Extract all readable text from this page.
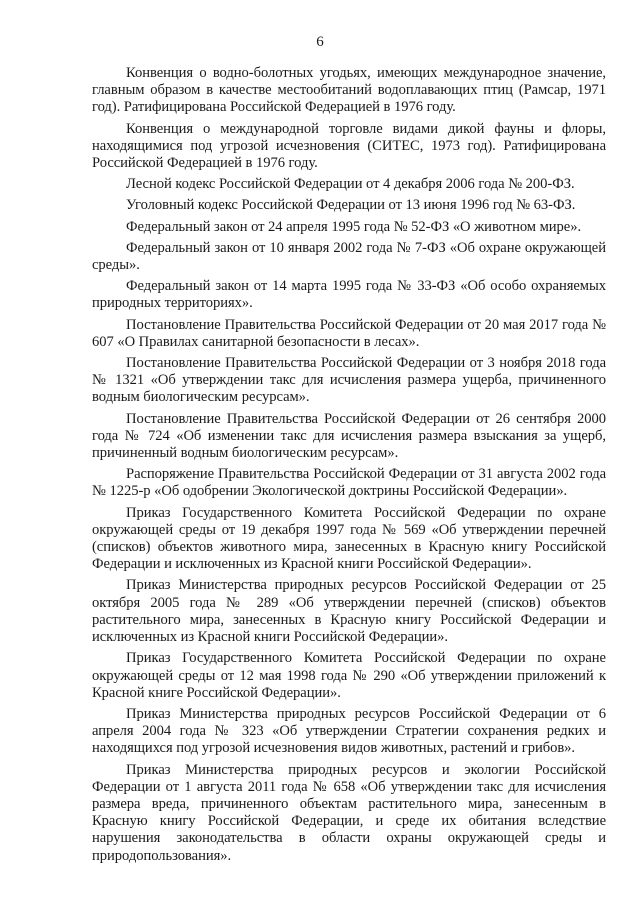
6

Конвенция о водно-болотных угодьях, имеющих международное значение, главным образом в качестве местообитаний водоплавающих птиц (Рамсар, 1971 год). Ратифицирована Российской Федерацией в 1976 году.

Конвенция о международной торговле видами дикой фауны и флоры, находящимися под угрозой исчезновения (СИТЕС, 1973 год). Ратифицирована Российской Федерацией в 1976 году.

Лесной кодекс Российской Федерации от 4 декабря 2006 года № 200-ФЗ.

Уголовный кодекс Российской Федерации от 13 июня 1996 год № 63-ФЗ.

Федеральный закон от 24 апреля 1995 года № 52-ФЗ «О животном мире».

Федеральный закон от 10 января 2002 года № 7-ФЗ «Об охране окружающей среды».

Федеральный закон от 14 марта 1995 года № 33-ФЗ «Об особо охраняемых природных территориях».

Постановление Правительства Российской Федерации от 20 мая 2017 года № 607 «О Правилах санитарной безопасности в лесах».

Постановление Правительства Российской Федерации от 3 ноября 2018 года № 1321 «Об утверждении такс для исчисления размера ущерба, причиненного водным биологическим ресурсам».

Постановление Правительства Российской Федерации от 26 сентября 2000 года № 724 «Об изменении такс для исчисления размера взыскания за ущерб, причиненный водным биологическим ресурсам».

Распоряжение Правительства Российской Федерации от 31 августа 2002 года № 1225-р «Об одобрении Экологической доктрины Российской Федерации».

Приказ Государственного Комитета Российской Федерации по охране окружающей среды от 19 декабря 1997 года № 569 «Об утверждении перечней (списков) объектов животного мира, занесенных в Красную книгу Российской Федерации и исключенных из Красной книги Российской Федерации».

Приказ Министерства природных ресурсов Российской Федерации от 25 октября 2005 года № 289 «Об утверждении перечней (списков) объектов растительного мира, занесенных в Красную книгу Российской Федерации и исключенных из Красной книги Российской Федерации».

Приказ Государственного Комитета Российской Федерации по охране окружающей среды от 12 мая 1998 года № 290 «Об утверждении приложений к Красной книге Российской Федерации».

Приказ Министерства природных ресурсов Российской Федерации от 6 апреля 2004 года № 323 «Об утверждении Стратегии сохранения редких и находящихся под угрозой исчезновения видов животных, растений и грибов».

Приказ Министерства природных ресурсов и экологии Российской Федерации от 1 августа 2011 года № 658 «Об утверждении такс для исчисления размера вреда, причиненного объектам растительного мира, занесенным в Красную книгу Российской Федерации, и среде их обитания вследствие нарушения законодательства в области охраны окружающей среды и природопользования».
